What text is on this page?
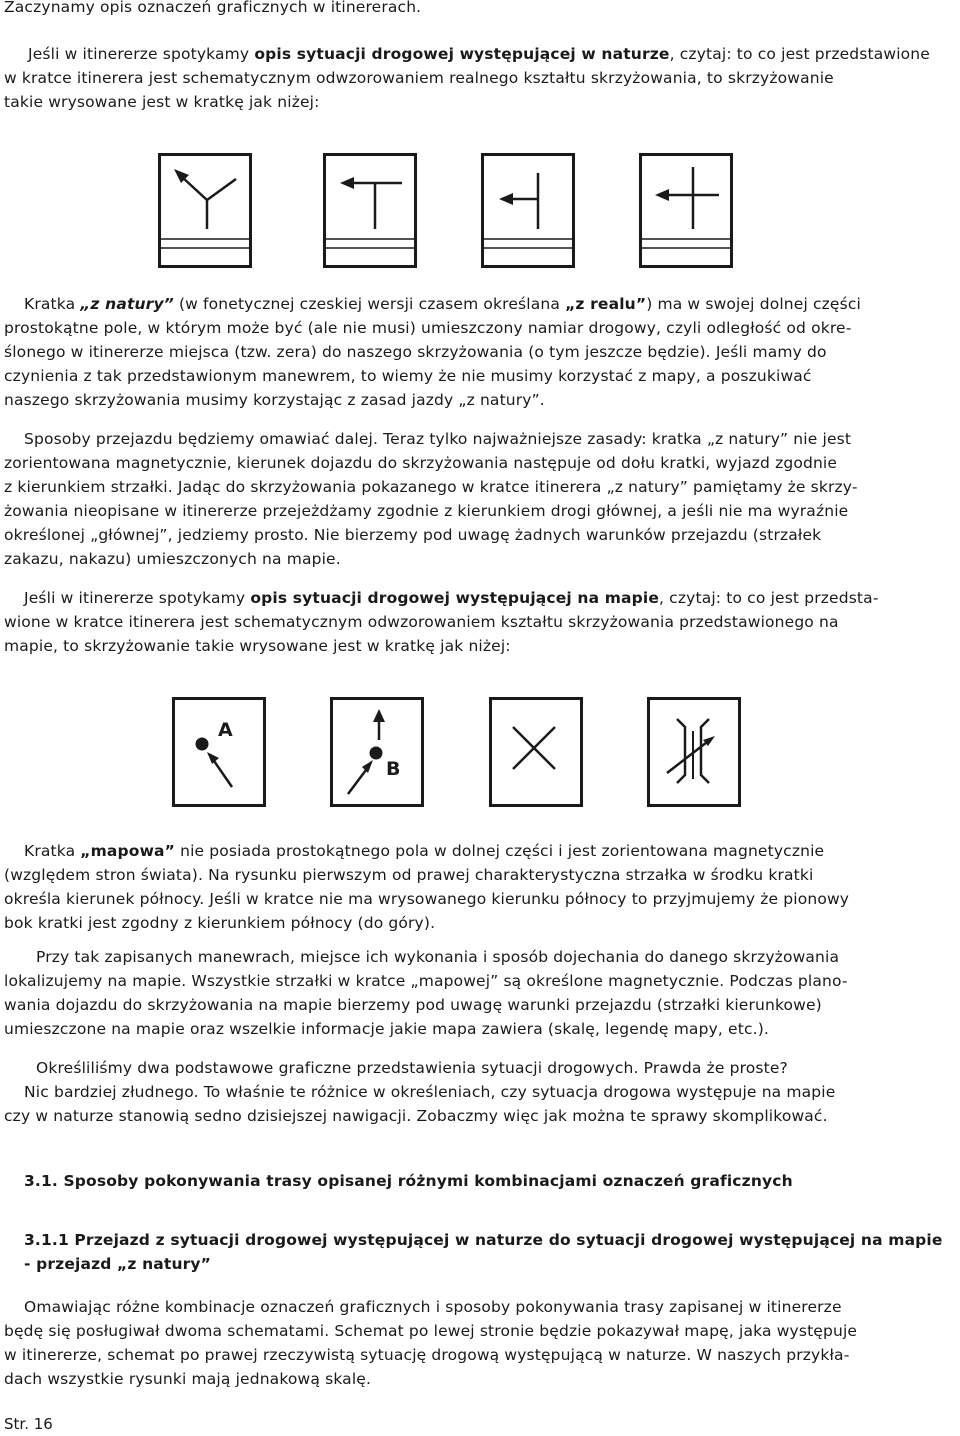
Zaczynamy opis oznaczeń graficznych w itinererach.
Jeśli w itinererze spotykamy opis sytuacji drogowej występującej w naturze, czytaj: to co jest przedstawione
w kratce itinerera jest schematycznym odwzorowaniem realnego kształtu skrzyżowania, to skrzyżowanie
takie wrysowane jest w kratkę jak niżej:
Kratka „z natury” (w fonetycznej czeskiej wersji czasem określana „z realu”) ma w swojej dolnej części
prostokątne pole, w którym może być (ale nie musi) umieszczony namiar drogowy, czyli odległość od okre-
ślonego w itinererze miejsca (tzw. zera) do naszego skrzyżowania (o tym jeszcze będzie). Jeśli mamy do
czynienia z tak przedstawionym manewrem, to wiemy że nie musimy korzystać z mapy, a poszukiwać
naszego skrzyżowania musimy korzystając z zasad jazdy „z natury”.
Sposoby przejazdu będziemy omawiać dalej. Teraz tylko najważniejsze zasady: kratka „z natury” nie jest
zorientowana magnetycznie, kierunek dojazdu do skrzyżowania następuje od dołu kratki, wyjazd zgodnie
z kierunkiem strzałki. Jadąc do skrzyżowania pokazanego w kratce itinerera „z natury” pamiętamy że skrzy-
żowania nieopisane w itinererze przejeżdżamy zgodnie z kierunkiem drogi głównej, a jeśli nie ma wyraźnie
określonej „głównej”, jedziemy prosto. Nie bierzemy pod uwagę żadnych warunków przejazdu (strzałek
zakazu, nakazu) umieszczonych na mapie.
Jeśli w itinererze spotykamy opis sytuacji drogowej występującej na mapie, czytaj: to co jest przedsta-
wione w kratce itinerera jest schematycznym odwzorowaniem kształtu skrzyżowania przedstawionego na
mapie, to skrzyżowanie takie wrysowane jest w kratkę jak niżej:
A
B
Kratka „mapowa” nie posiada prostokątnego pola w dolnej części i jest zorientowana magnetycznie
(względem stron świata). Na rysunku pierwszym od prawej charakterystyczna strzałka w środku kratki
określa kierunek północy. Jeśli w kratce nie ma wrysowanego kierunku północy to przyjmujemy że pionowy
bok kratki jest zgodny z kierunkiem północy (do góry).
Przy tak zapisanych manewrach, miejsce ich wykonania i sposób dojechania do danego skrzyżowania
lokalizujemy na mapie. Wszystkie strzałki w kratce „mapowej” są określone magnetycznie. Podczas plano-
wania dojazdu do skrzyżowania na mapie bierzemy pod uwagę warunki przejazdu (strzałki kierunkowe)
umieszczone na mapie oraz wszelkie informacje jakie mapa zawiera (skalę, legendę mapy, etc.).
Określiliśmy dwa podstawowe graficzne przedstawienia sytuacji drogowych. Prawda że proste?
Nic bardziej złudnego. To właśnie te różnice w określeniach, czy sytuacja drogowa występuje na mapie
czy w naturze stanowią sedno dzisiejszej nawigacji. Zobaczmy więc jak można te sprawy skomplikować.
3.1. Sposoby pokonywania trasy opisanej różnymi kombinacjami oznaczeń graficznych
3.1.1 Przejazd z sytuacji drogowej występującej w naturze do sytuacji drogowej występującej na mapie
- przejazd „z natury”
Omawiając różne kombinacje oznaczeń graficznych i sposoby pokonywania trasy zapisanej w itinererze
będę się posługiwał dwoma schematami. Schemat po lewej stronie będzie pokazywał mapę, jaka występuje
w itinererze, schemat po prawej rzeczywistą sytuację drogową występującą w naturze. W naszych przykła-
dach wszystkie rysunki mają jednakową skalę.
Str. 16
